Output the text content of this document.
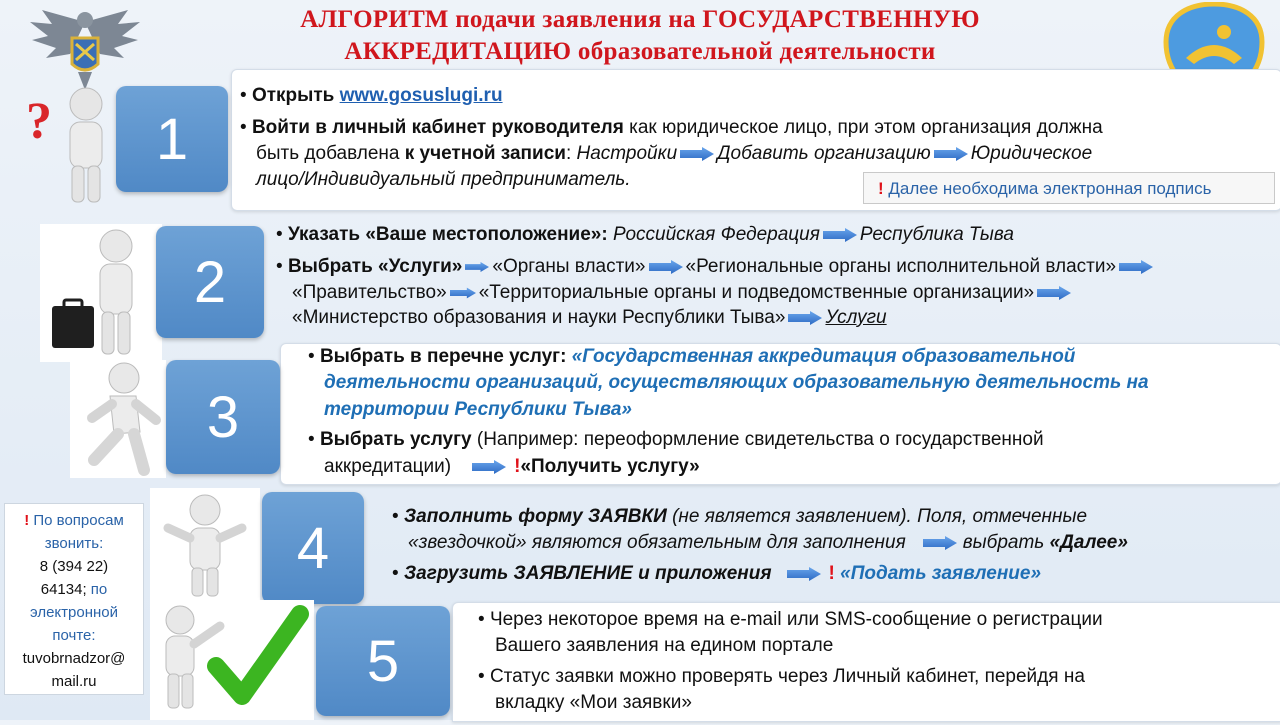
АЛГОРИТМ подачи заявления на ГОСУДАРСТВЕННУЮ
АККРЕДИТАЦИЮ образовательной деятельности
?	1
• Открыть www.gosuslugi.ru
• Войти в личный кабинет руководителя как юридическое лицо, при этом организация должна
быть добавлена к учетной записи: Настройки Добавить организацию Юридическое
лицо/Индивидуальный предприниматель.	! Далее необходима электронная подпись
2
• Указать «Ваше местоположение»: Российская Федерация Республика Тыва
• Выбрать «Услуги» «Органы власти» «Региональные органы исполнительной власти»
«Правительство» «Территориальные органы и подведомственные организации»
«Министерство образования и науки Республики Тыва» Услуги
3
• Выбрать в перечне услуг: «Государственная аккредитация образовательной
деятельности организаций, осуществляющих образовательную деятельность на
территории Республики Тыва»
• Выбрать услугу (Например: переоформление свидетельства о государственной
аккредитации)	!«Получить услугу»
4	• Заполнить форму ЗАЯВКИ (не является заявлением). Поля, отмеченные
«звездочкой» являются обязательным для заполнения	выбрать «Далее»
• Загрузить ЗАЯВЛЕНИЕ и приложения	! «Подать заявление»
5
• Через некоторое время на e-mail или SMS-сообщение о регистрации
Вашего заявления на едином портале
• Статус заявки можно проверять через Личный кабинет, перейдя на
вкладку «Мои заявки»
! По вопросам
звонить:
8 (394 22)
64134; по
электронной
почте:
tuvobrnadzor@
mail.ru
